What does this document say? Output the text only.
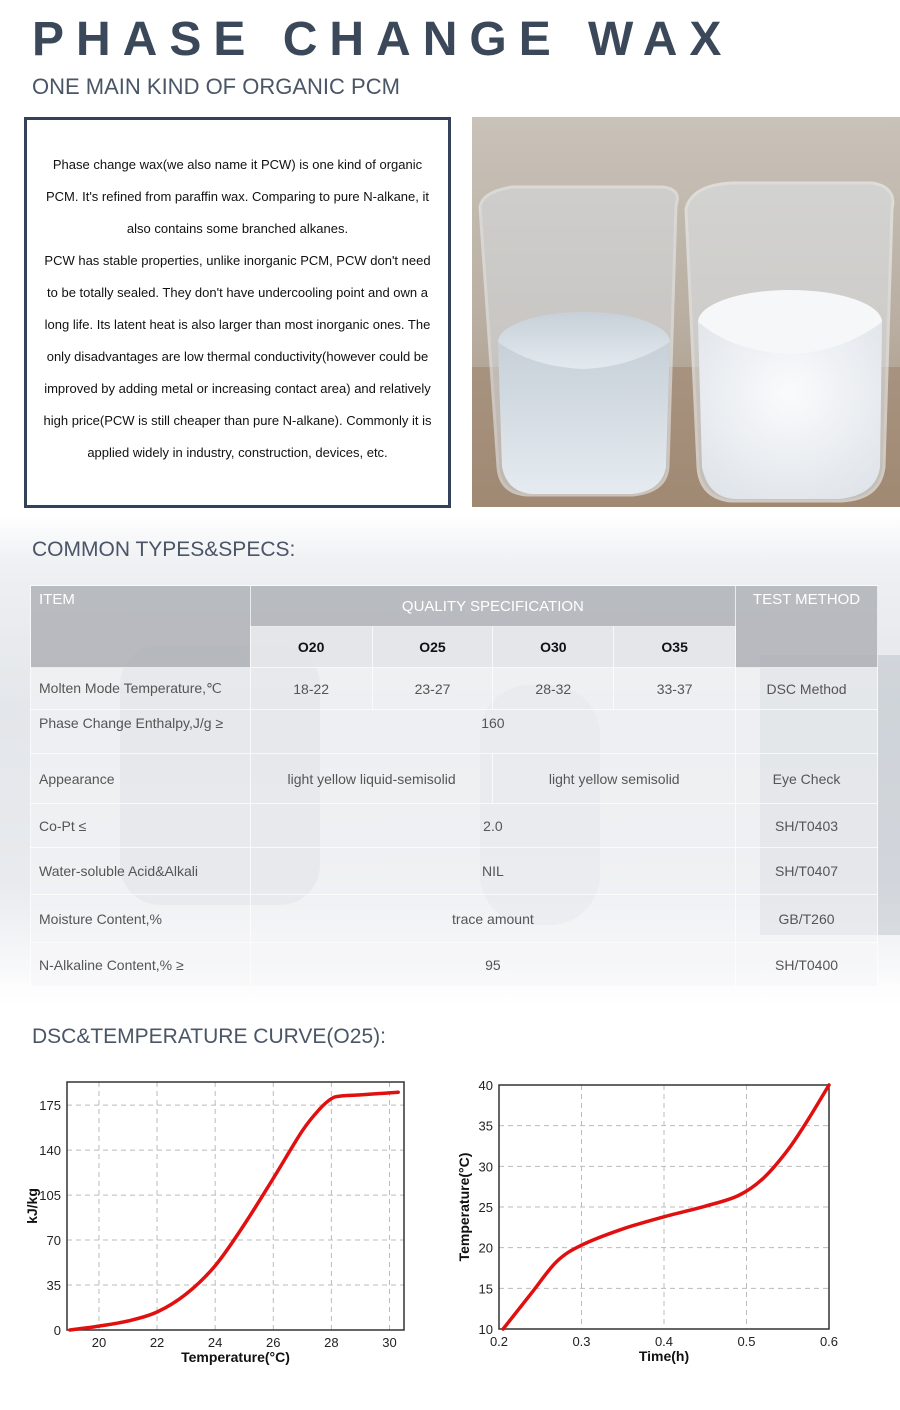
PHASE CHANGE WAX
ONE MAIN KIND OF ORGANIC PCM

Phase change wax(we also name it PCW) is one kind of organic PCM. It's refined from paraffin wax. Comparing to pure N-alkane, it also contains some branched alkanes.

PCW has stable properties, unlike inorganic PCM, PCW don't need to be totally sealed. They don't have undercooling point and own a long life. Its latent heat is also larger than most inorganic ones. The only disadvantages are low thermal conductivity(however could be improved by adding metal or increasing contact area) and relatively high price(PCW is still cheaper than pure N-alkane). Commonly it is applied widely in industry, construction, devices, etc.

COMMON TYPES&SPECS:
ITEM	QUALITY SPECIFICATION				TEST METHOD
	O20	O25	O30	O35	
Molten Mode Temperature,℃	18-22	23-27	28-32	33-37	DSC Method
Phase Change Enthalpy,J/g ≥	160				
Appearance	light yellow liquid-semisolid		light yellow semisolid		Eye Check
Co-Pt ≤	2.0				SH/T0403
Water-soluble Acid&Alkali	NIL				SH/T0407
Moisture Content,%	trace amount				GB/T260
N-Alkaline Content,% ≥	95				SH/T0400
DSC&TEMPERATURE CURVE(O25):
20	22	24	26	28	30
0
35
70
105
140
175
Temperature(°C)
kJ/kg
0.2	0.3	0.4	0.5	0.6
10
15
20
25
30
35
40
Time(h)
Temperature(°C)
